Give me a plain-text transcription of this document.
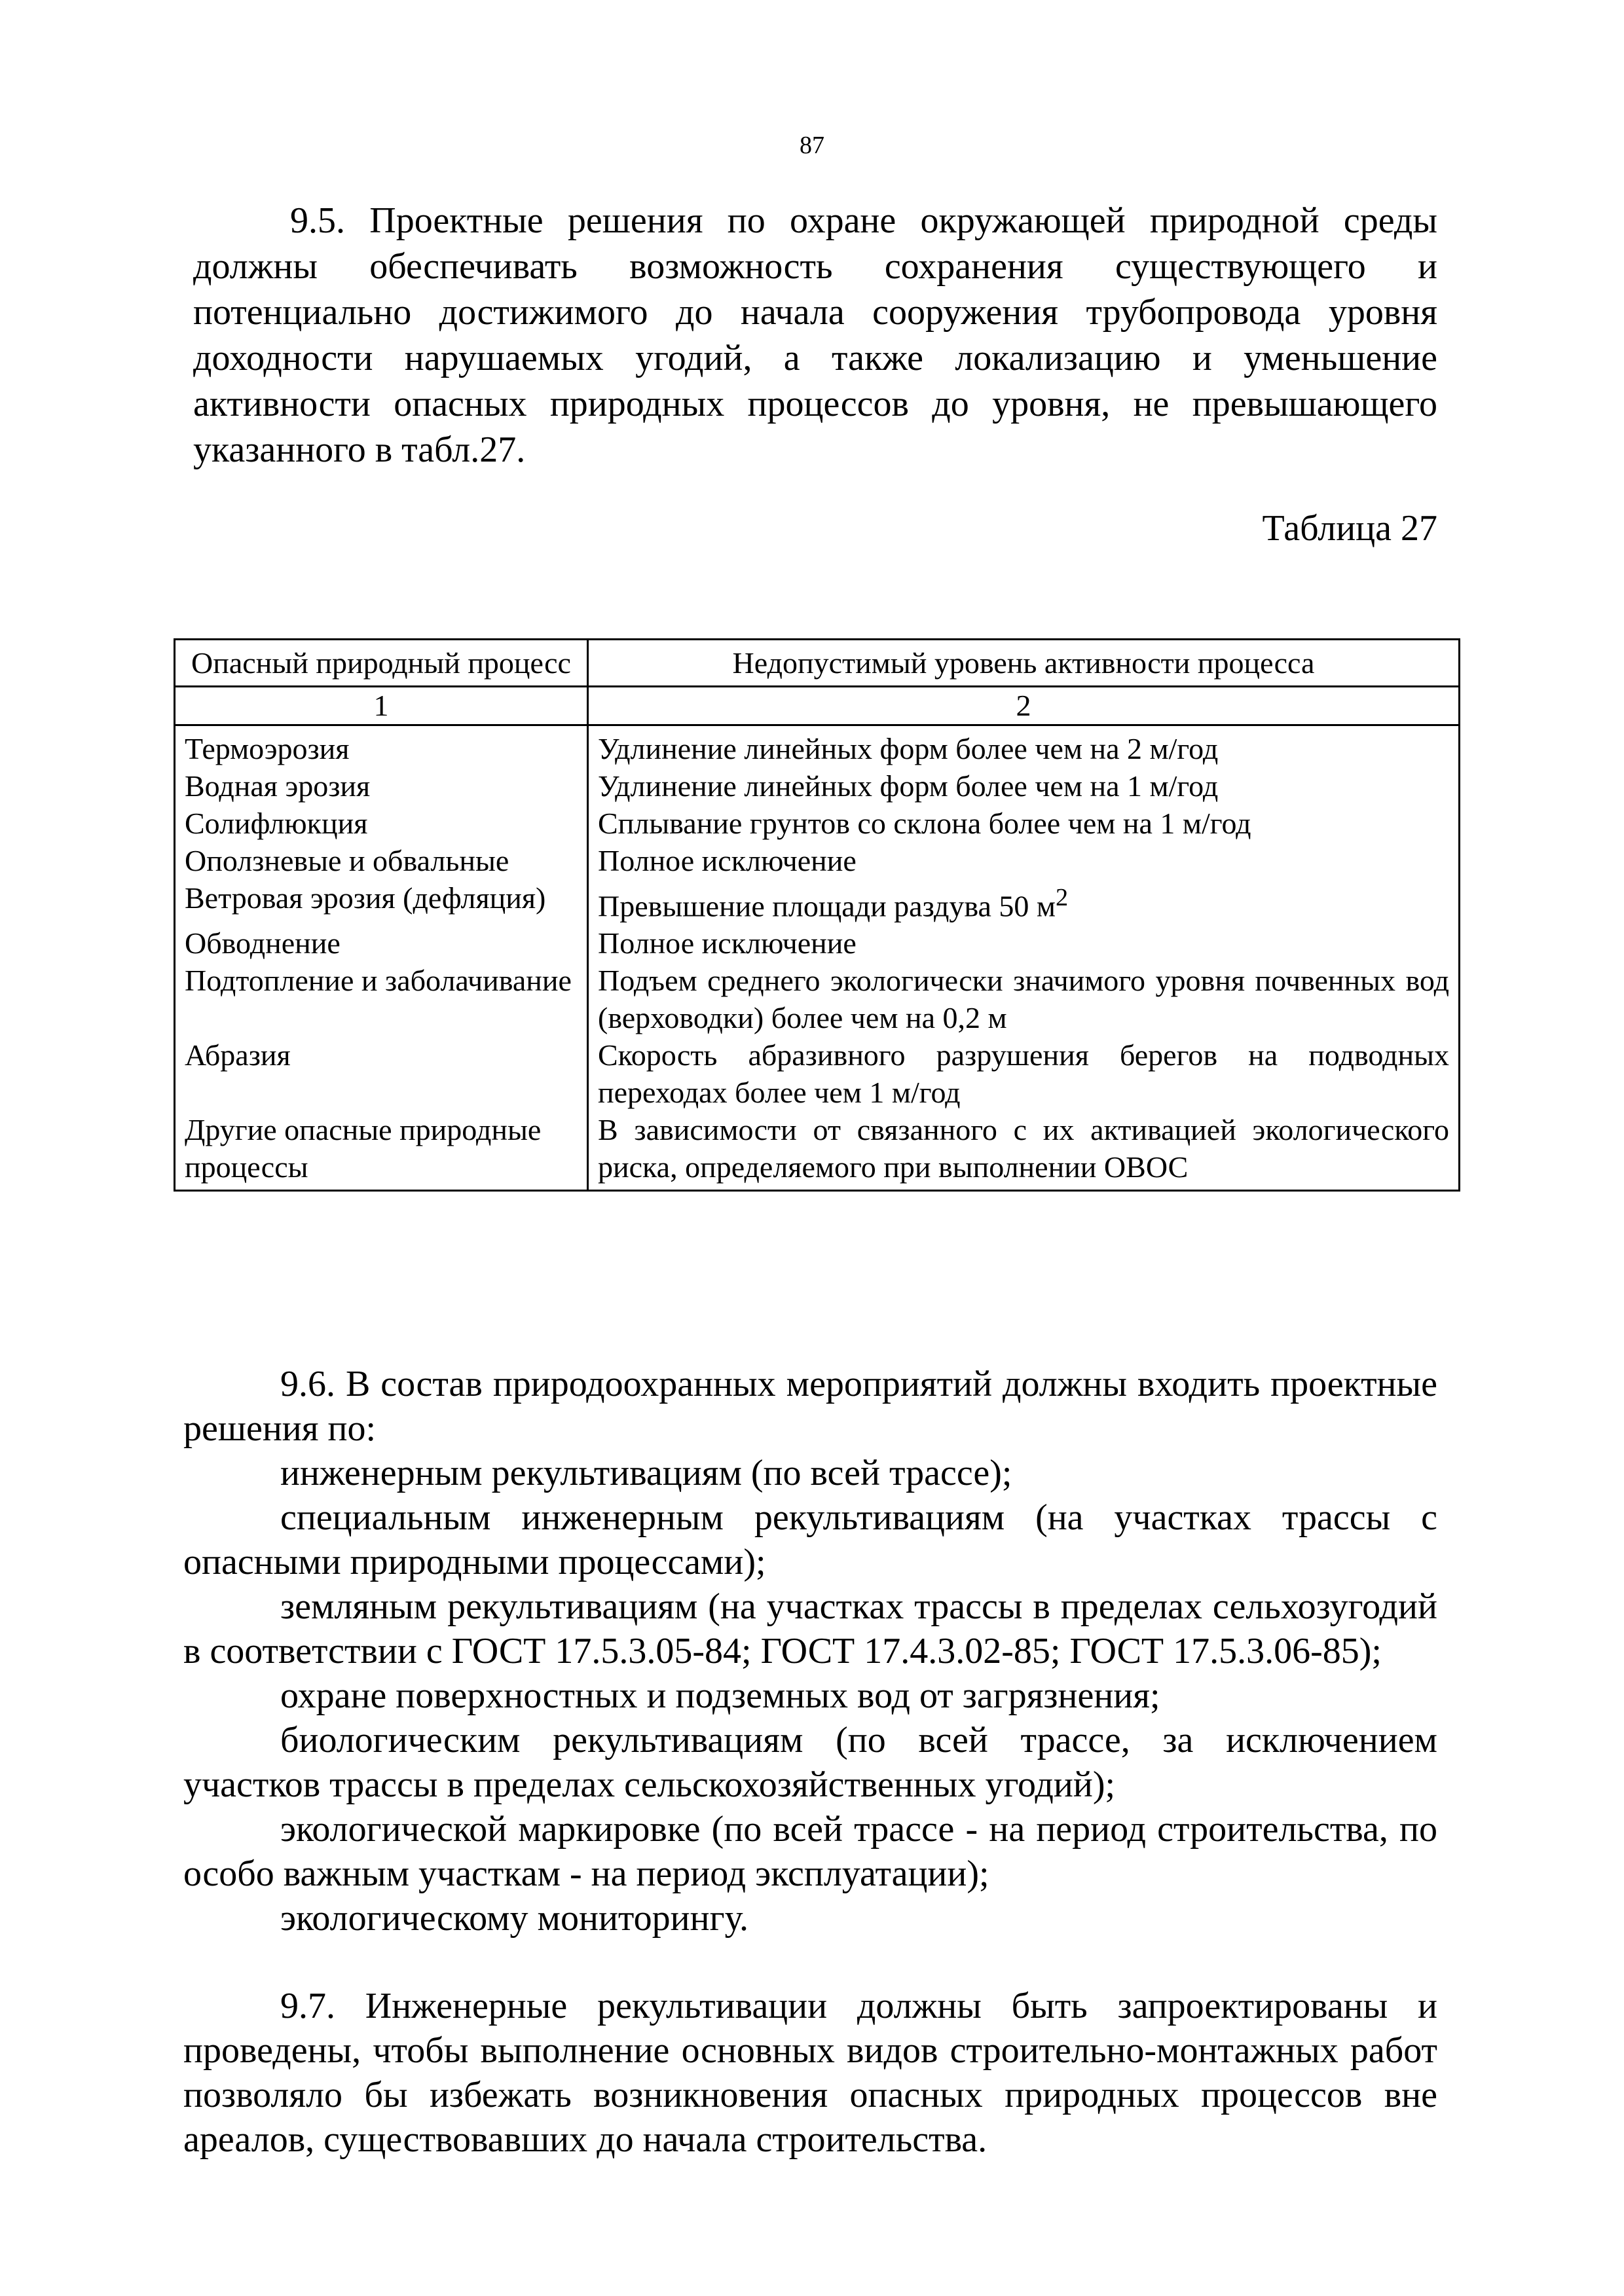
87

9.5. Проектные решения по охране окружающей природной среды должны обеспечивать возможность сохранения существующего и потенциально достижимого до начала сооружения трубопровода уровня доходности нарушаемых угодий, а также локализацию и уменьшение активности опасных природных процессов до уровня, не превышающего указанного в табл.27.

Таблица 27
Опасный природный процесс	Недопустимый уровень активности процесса
1	2
Термоэрозия	Удлинение линейных форм более чем на 2 м/год
Водная эрозия	Удлинение линейных форм более чем на 1 м/год
Солифлюкция	Сплывание грунтов со склона более чем на 1 м/год
Оползневые и обвальные	Полное исключение
Ветровая эрозия (дефляция)	Превышение площади раздува 50 $м^2$
Обводнение	Полное исключение
Подтопление и заболачивание	Подъем среднего экологически значимого уровня почвенных вод (верховодки) более чем на 0,2 м
Абразия	Скорость абразивного разрушения берегов на подводных переходах более чем 1 м/год
Другие опасные природные процессы	В зависимости от связанного с их активацией экологического риска, определяемого при выполнении ОВОС

9.6. В состав природоохранных мероприятий должны входить проектные решения по:

инженерным рекультивациям (по всей трассе);

специальным инженерным рекультивациям (на участках трассы с опасными природными процессами);

земляным рекультивациям (на участках трассы в пределах сельхозугодий в соответствии с ГОСТ 17.5.3.05-84; ГОСТ 17.4.3.02-85; ГОСТ 17.5.3.06-85);

охране поверхностных и подземных вод от загрязнения;

биологическим рекультивациям (по всей трассе, за исключением участков трассы в пределах сельскохозяйственных угодий);

экологической маркировке (по всей трассе - на период строительства, по особо важным участкам - на период эксплуатации);

экологическому мониторингу.

9.7. Инженерные рекультивации должны быть запроектированы и проведены, чтобы выполнение основных видов строительно-монтажных работ позволяло бы избежать возникновения опасных природных процессов вне ареалов, существовавших до начала строительства.
